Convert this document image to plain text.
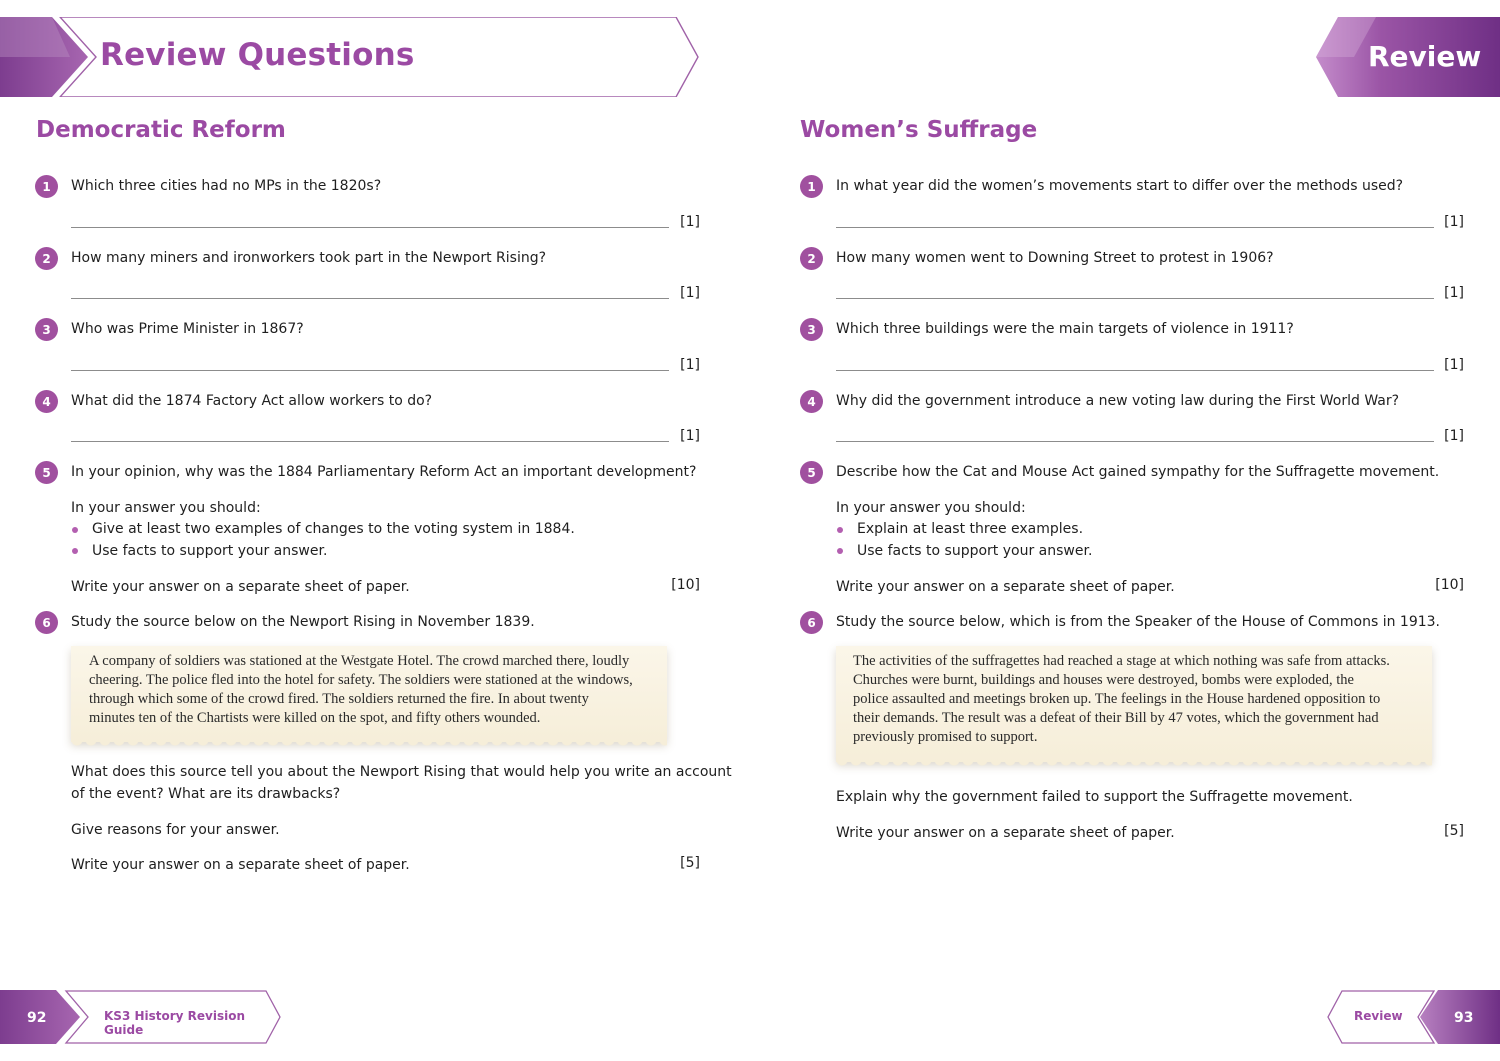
Review Questions	Review
Democratic Reform
1	Which three cities had no MPs in the 1820s?
[1]
2	How many miners and ironworkers took part in the Newport Rising?
[1]
3	Who was Prime Minister in 1867?
[1]
4	What did the 1874 Factory Act allow workers to do?
[1]
5	In your opinion, why was the 1884 Parliamentary Reform Act an important development?
In your answer you should:
Give at least two examples of changes to the voting system in 1884.
Use facts to support your answer.
Write your answer on a separate sheet of paper.	[10]
6	Study the source below on the Newport Rising in November 1839.
A company of soldiers was stationed at the Westgate Hotel. The crowd marched there, loudly
cheering. The police fled into the hotel for safety. The soldiers were stationed at the windows,
through which some of the crowd fired. The soldiers returned the fire. In about twenty
minutes ten of the Chartists were killed on the spot, and fifty others wounded.
What does this source tell you about the Newport Rising that would help you write an account
of the event? What are its drawbacks?
Give reasons for your answer.
Write your answer on a separate sheet of paper.	[5]
Women’s Suffrage
1	In what year did the women’s movements start to differ over the methods used?
[1]
2	How many women went to Downing Street to protest in 1906?
[1]
3	Which three buildings were the main targets of violence in 1911?
[1]
4	Why did the government introduce a new voting law during the First World War?
[1]
5	Describe how the Cat and Mouse Act gained sympathy for the Suffragette movement.
In your answer you should:
Explain at least three examples.
Use facts to support your answer.
Write your answer on a separate sheet of paper.	[10]
6	Study the source below, which is from the Speaker of the House of Commons in 1913.
The activities of the suffragettes had reached a stage at which nothing was safe from attacks.
Churches were burnt, buildings and houses were destroyed, bombs were exploded, the
police assaulted and meetings broken up. The feelings in the House hardened opposition to
their demands. The result was a defeat of their Bill by 47 votes, which the government had
previously promised to support.
Explain why the government failed to support the Suffragette movement.
Write your answer on a separate sheet of paper.	[5]
92	KS3 History Revision Guide
Review	93
